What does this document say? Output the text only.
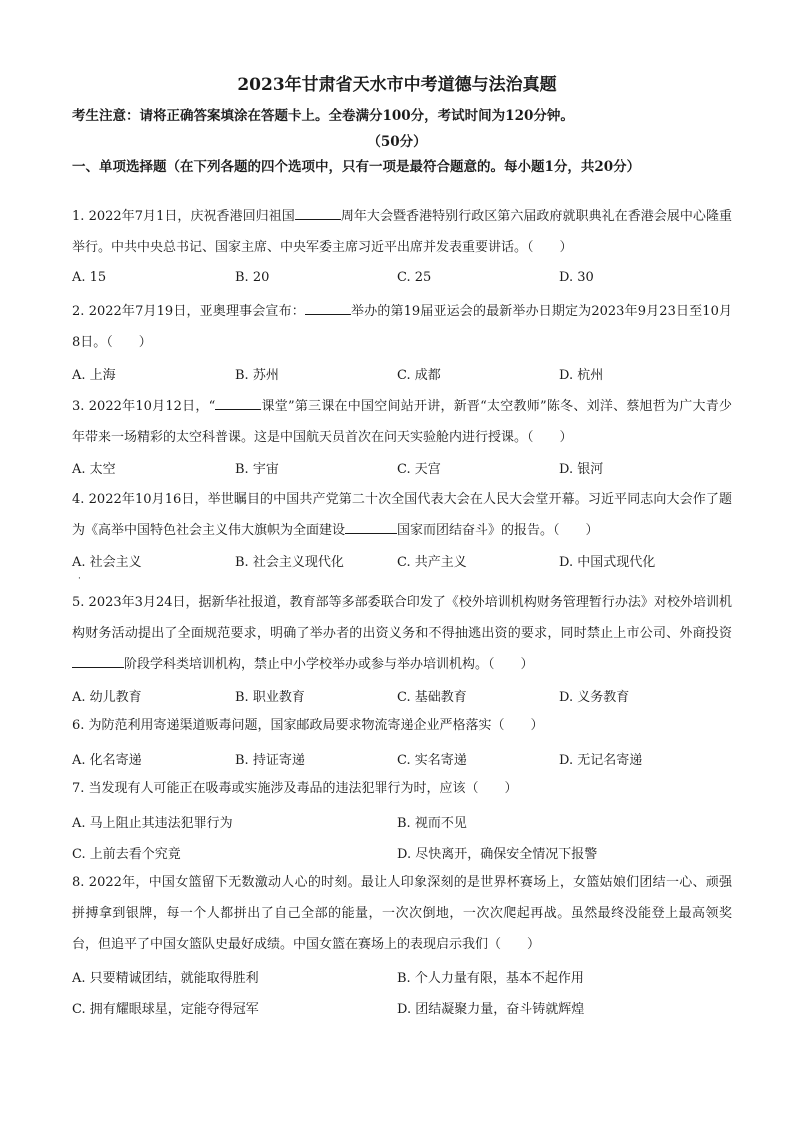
2023年甘肃省天水市中考道德与法治真题
考生注意：请将正确答案填涂在答题卡上。全卷满分100分，考试时间为120分钟。
（50分）
一、单项选择题（在下列各题的四个选项中，只有一项是最符合题意的。每小题1分，共20分）
1. 2022年7月1日，庆祝香港回归祖国	周年大会暨香港特别行政区第六届政府就职典礼在香港会展中心隆重举行。中共中央总书记、国家主席、中央军委主席习近平出席并发表重要讲话。（　　）
A. 15	B. 20	C. 25	D. 30
2. 2022年7月19日，亚奥理事会宣布：	举办的第19届亚运会的最新举办日期定为2023年9月23日至10月8日。（　　）
A. 上海	B. 苏州	C. 成都	D. 杭州
3. 2022年10月12日，“	课堂”第三课在中国空间站开讲，新晋“太空教师”陈冬、刘洋、蔡旭哲为广大青少年带来一场精彩的太空科普课。这是中国航天员首次在问天实验舱内进行授课。（　　）
A. 太空	B. 宇宙	C. 天宫	D. 银河
4. 2022年10月16日，举世瞩目的中国共产党第二十次全国代表大会在人民大会堂开幕。习近平同志向大会作了题为《高举中国特色社会主义伟大旗帜为全面建设	国家而团结奋斗》的报告。（　　）
A. 社会主义	B. 社会主义现代化	C. 共产主义	D. 中国式现代化
·
5. 2023年3月24日，据新华社报道，教育部等多部委联合印发了《校外培训机构财务管理暂行办法》对校外培训机构财务活动提出了全面规范要求，明确了举办者的出资义务和不得抽逃出资的要求，同时禁止上市公司、外商投资阶段学科类培训机构，禁止中小学校举办或参与举办培训机构。（　　）
A. 幼儿教育	B. 职业教育	C. 基础教育	D. 义务教育
6. 为防范利用寄递渠道贩毒问题，国家邮政局要求物流寄递企业严格落实（　　）
A. 化名寄递	B. 持证寄递	C. 实名寄递	D. 无记名寄递
7. 当发现有人可能正在吸毒或实施涉及毒品的违法犯罪行为时，应该（　　）
A. 马上阻止其违法犯罪行为	B. 视而不见
C. 上前去看个究竟	D. 尽快离开，确保安全情况下报警
8. 2022年，中国女篮留下无数激动人心的时刻。最让人印象深刻的是世界杯赛场上，女篮姑娘们团结一心、顽强拼搏拿到银牌，每一个人都拼出了自己全部的能量，一次次倒地，一次次爬起再战。虽然最终没能登上最高领奖台，但追平了中国女篮队史最好成绩。中国女篮在赛场上的表现启示我们（　　）
A. 只要精诚团结，就能取得胜利	B. 个人力量有限，基本不起作用
C. 拥有耀眼球星，定能夺得冠军	D. 团结凝聚力量，奋斗铸就辉煌
